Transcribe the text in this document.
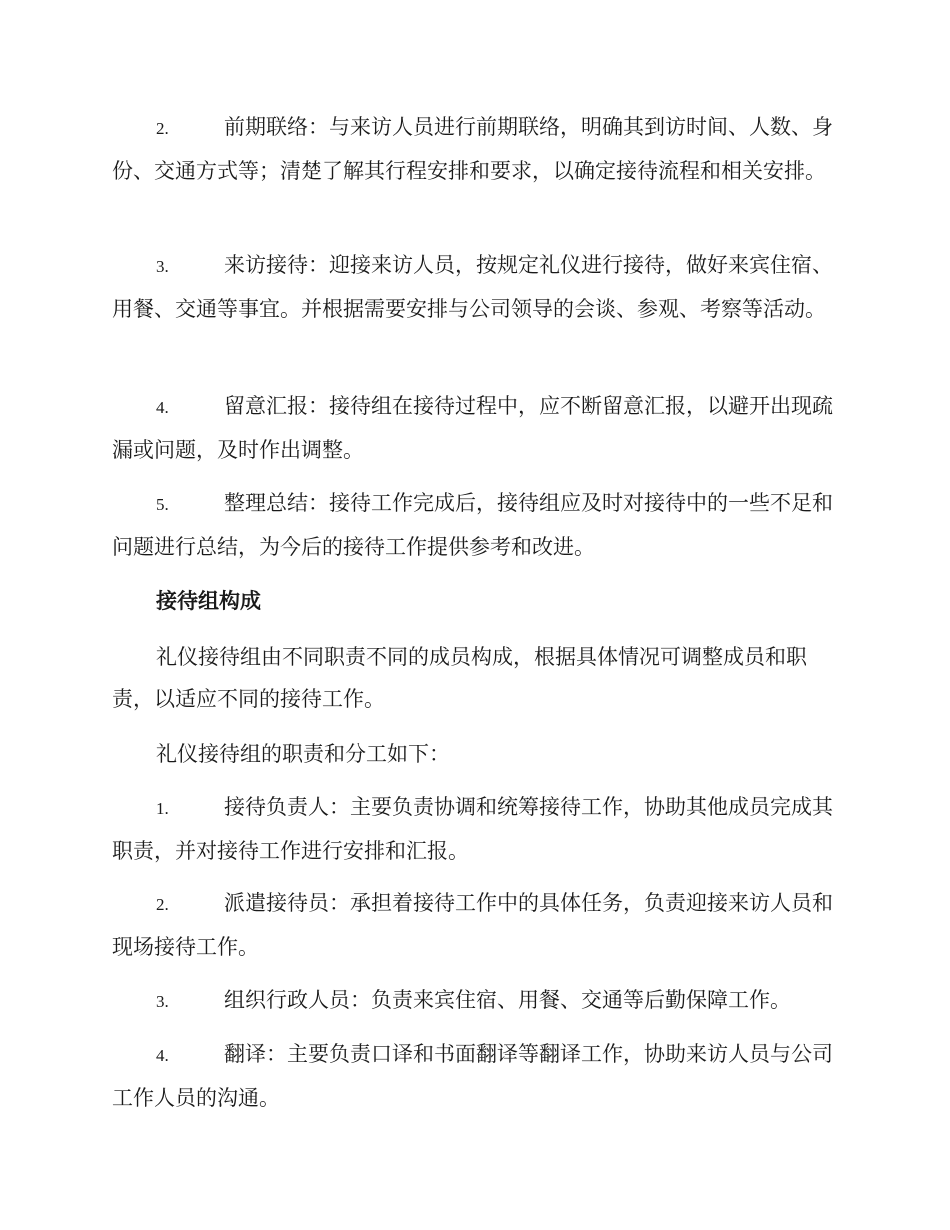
2.	前期联络：与来访人员进行前期联络，明确其到访时间、人数、身份、交通方式等；清楚了解其行程安排和要求，以确定接待流程和相关安排。
3.	来访接待：迎接来访人员，按规定礼仪进行接待，做好来宾住宿、用餐、交通等事宜。并根据需要安排与公司领导的会谈、参观、考察等活动。
4.	留意汇报：接待组在接待过程中，应不断留意汇报，以避开出现疏漏或问题，及时作出调整。
5.	整理总结：接待工作完成后，接待组应及时对接待中的一些不足和问题进行总结，为今后的接待工作提供参考和改进。
接待组构成
礼仪接待组由不同职责不同的成员构成，根据具体情况可调整成员和职责，以适应不同的接待工作。
礼仪接待组的职责和分工如下：
1.	接待负责人：主要负责协调和统筹接待工作，协助其他成员完成其职责，并对接待工作进行安排和汇报。
2.	派遣接待员：承担着接待工作中的具体任务，负责迎接来访人员和现场接待工作。
3.	组织行政人员：负责来宾住宿、用餐、交通等后勤保障工作。
4.	翻译：主要负责口译和书面翻译等翻译工作，协助来访人员与公司工作人员的沟通。
